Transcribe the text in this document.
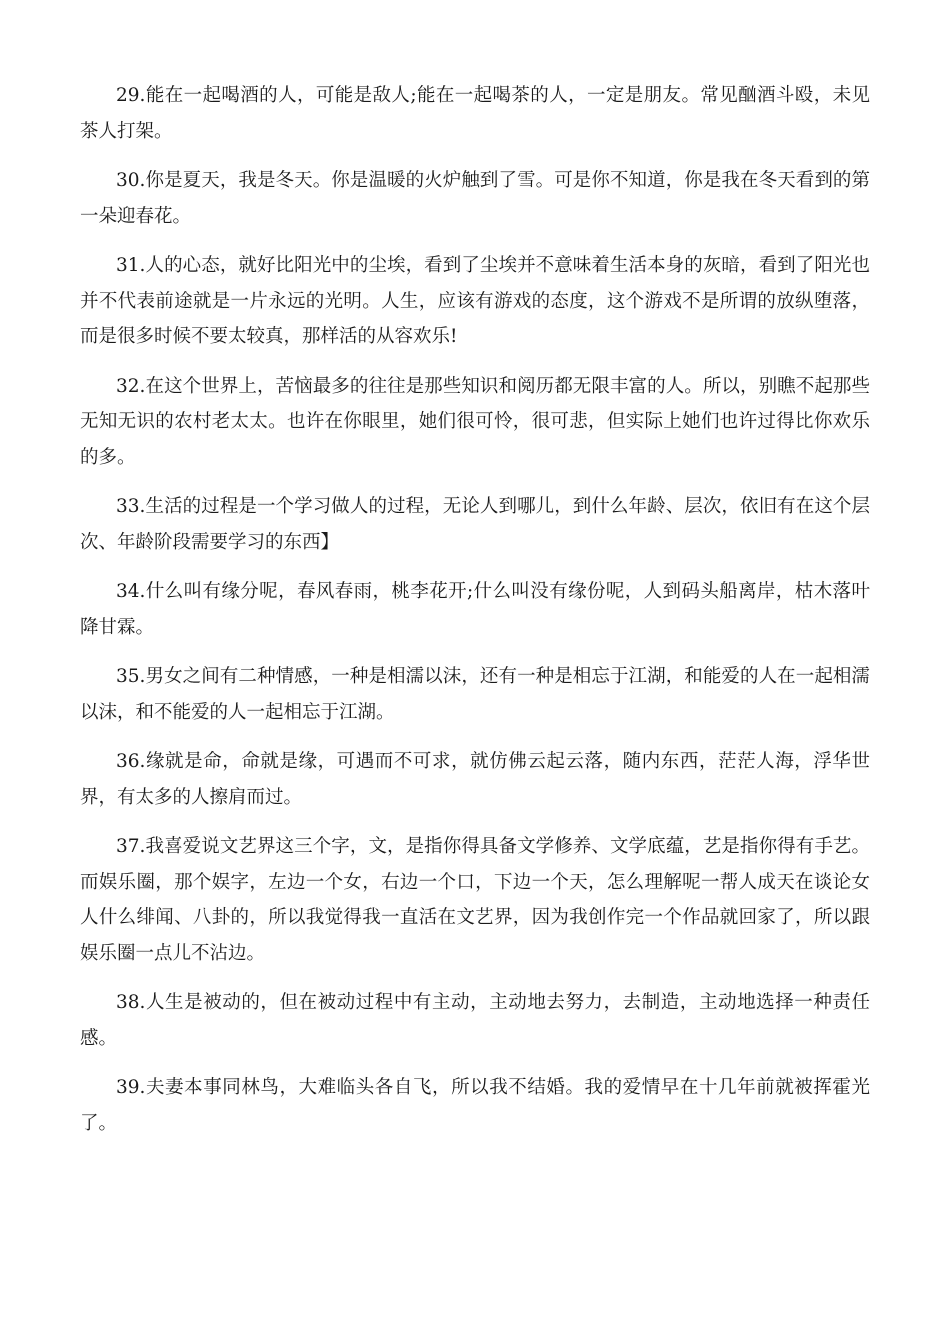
29.能在一起喝酒的人，可能是敌人;能在一起喝茶的人，一定是朋友。常见酗酒斗殴，未见茶人打架。

30.你是夏天，我是冬天。你是温暖的火炉触到了雪。可是你不知道，你是我在冬天看到的第一朵迎春花。

31.人的心态，就好比阳光中的尘埃，看到了尘埃并不意味着生活本身的灰暗，看到了阳光也并不代表前途就是一片永远的光明。人生，应该有游戏的态度，这个游戏不是所谓的放纵堕落，而是很多时候不要太较真，那样活的从容欢乐!

32.在这个世界上，苦恼最多的往往是那些知识和阅历都无限丰富的人。所以，别瞧不起那些无知无识的农村老太太。也许在你眼里，她们很可怜，很可悲，但实际上她们也许过得比你欢乐的多。

33.生活的过程是一个学习做人的过程，无论人到哪儿，到什么年龄、层次，依旧有在这个层次、年龄阶段需要学习的东西】

34.什么叫有缘分呢，春风春雨，桃李花开;什么叫没有缘份呢，人到码头船离岸，枯木落叶降甘霖。

35.男女之间有二种情感，一种是相濡以沫，还有一种是相忘于江湖，和能爱的人在一起相濡以沫，和不能爱的人一起相忘于江湖。

36.缘就是命，命就是缘，可遇而不可求，就仿佛云起云落，随内东西，茫茫人海，浮华世界，有太多的人擦肩而过。

37.我喜爱说文艺界这三个字，文，是指你得具备文学修养、文学底蕴，艺是指你得有手艺。而娱乐圈，那个娱字，左边一个女，右边一个口，下边一个天，怎么理解呢一帮人成天在谈论女人什么绯闻、八卦的，所以我觉得我一直活在文艺界，因为我创作完一个作品就回家了，所以跟娱乐圈一点儿不沾边。

38.人生是被动的，但在被动过程中有主动，主动地去努力，去制造，主动地选择一种责任感。

39.夫妻本事同林鸟，大难临头各自飞，所以我不结婚。我的爱情早在十几年前就被挥霍光了。
